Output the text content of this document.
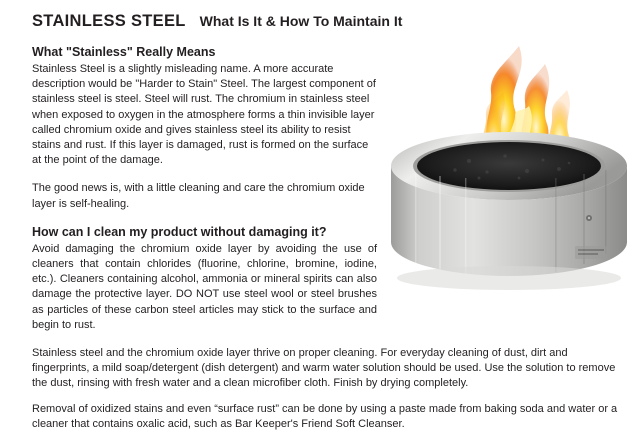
STAINLESS STEEL What Is It & How To Maintain It
What "Stainless" Really Means

Stainless Steel is a slightly misleading name. A more accurate description would be "Harder to Stain" Steel. The largest component of stainless steel is steel. Steel will rust. The chromium in stainless steel when exposed to oxygen in the atmosphere forms a thin invisible layer called chromium oxide and gives stainless steel its ability to resist stains and rust. If this layer is damaged, rust is formed on the surface at the point of the damage.

The good news is, with a little cleaning and care the chromium oxide layer is self-healing.

How can I clean my product without damaging it?

Avoid damaging the chromium oxide layer by avoiding the use of cleaners that contain chlorides (fluorine, chlorine, bromine, iodine, etc.). Cleaners containing alcohol, ammonia or mineral spirits can also damage the protective layer. DO NOT use steel wool or steel brushes as particles of these carbon steel articles may stick to the surface and begin to rust.

Stainless steel and the chromium oxide layer thrive on proper cleaning. For everyday cleaning of dust, dirt and fingerprints, a mild soap/detergent (dish detergent) and warm water solution should be used. Use the solution to remove the dust, rinsing with fresh water and a clean microfiber cloth. Finish by drying completely.

Removal of oxidized stains and even “surface rust” can be done by using a paste made from baking soda and water or a cleaner that contains oxalic acid, such as Bar Keeper's Friend Soft Cleanser.
